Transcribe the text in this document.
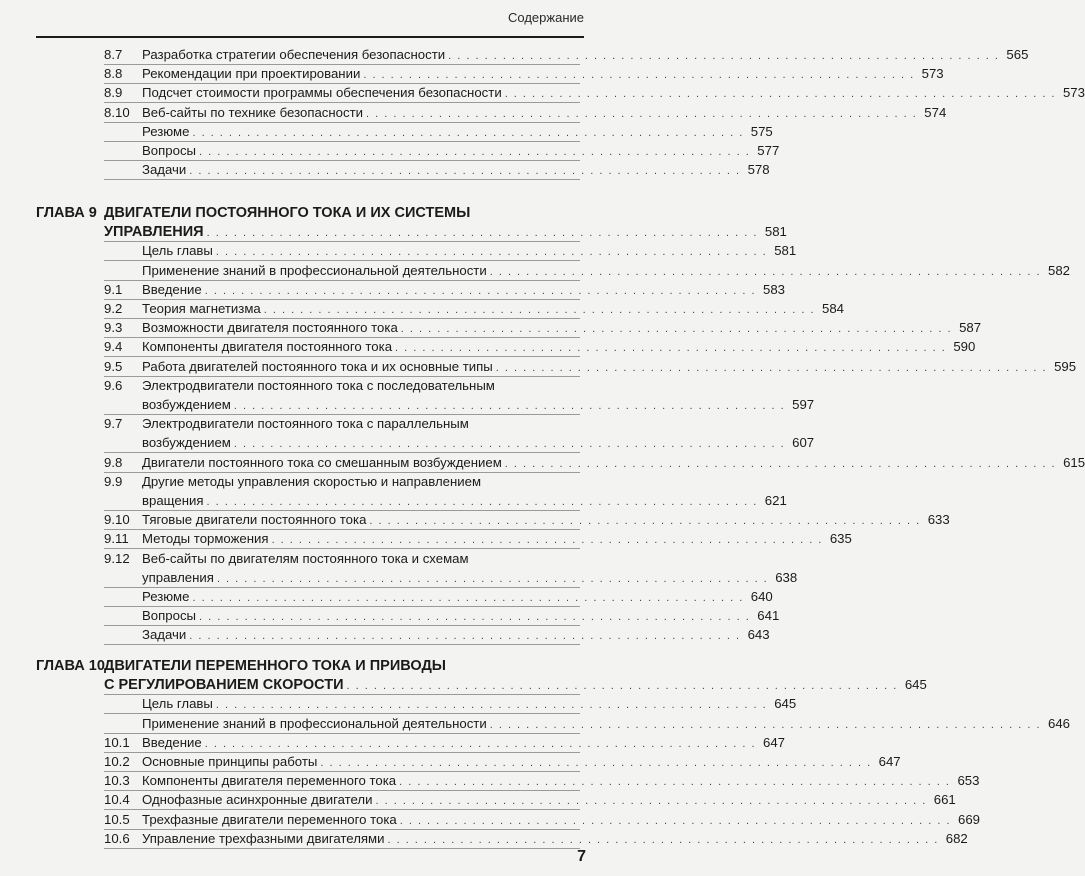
Содержание
8.7	Разработка стратегии обеспечения безопасности . . . . . . . . . . . . . . . . . . . . . . . . . . . . . . . . . . . . . . . . . . . . . . . . . . . . . . . . . . . . . 565
8.8	Рекомендации при проектировании . . . . . . . . . . . . . . . . . . . . . . . . . . . . . . . . . . . . . . . . . . . . . . . . . . . . . . . . . . . . . 573
8.9	Подсчет стоимости программы обеспечения безопасности . . . . . . . . . . . . . . . . . . . . . . . . . . . . . . . . . . . . . . . . . . . . . . . . . . . . . . . . . . . . . 573
8.10 Веб-сайты по технике безопасности . . . . . . . . . . . . . . . . . . . . . . . . . . . . . . . . . . . . . . . . . . . . . . . . . . . . . . . . . . . . . 574
Резюме . . . . . . . . . . . . . . . . . . . . . . . . . . . . . . . . . . . . . . . . . . . . . . . . . . . . . . . . . . . . . 575
Вопросы . . . . . . . . . . . . . . . . . . . . . . . . . . . . . . . . . . . . . . . . . . . . . . . . . . . . . . . . . . . . . 577
Задачи . . . . . . . . . . . . . . . . . . . . . . . . . . . . . . . . . . . . . . . . . . . . . . . . . . . . . . . . . . . . . 578
ГЛАВА 9 ДВИГАТЕЛИ ПОСТОЯННОГО ТОКА И ИХ СИСТЕМЫ
УПРАВЛЕНИЯ . . . . . . . . . . . . . . . . . . . . . . . . . . . . . . . . . . . . . . . . . . . . . . . . . . . . . . . . . . . . . 581
Цель главы . . . . . . . . . . . . . . . . . . . . . . . . . . . . . . . . . . . . . . . . . . . . . . . . . . . . . . . . . . . . . 581
Применение знаний в профессиональной деятельности . . . . . . . . . . . . . . . . . . . . . . . . . . . . . . . . . . . . . . . . . . . . . . . . . . . . . . . . . . . . . 582
9.1	Введение . . . . . . . . . . . . . . . . . . . . . . . . . . . . . . . . . . . . . . . . . . . . . . . . . . . . . . . . . . . . . 583
9.2	Теория магнетизма . . . . . . . . . . . . . . . . . . . . . . . . . . . . . . . . . . . . . . . . . . . . . . . . . . . . . . . . . . . . . 584
9.3	Возможности двигателя постоянного тока . . . . . . . . . . . . . . . . . . . . . . . . . . . . . . . . . . . . . . . . . . . . . . . . . . . . . . . . . . . . . 587
9.4	Компоненты двигателя постоянного тока . . . . . . . . . . . . . . . . . . . . . . . . . . . . . . . . . . . . . . . . . . . . . . . . . . . . . . . . . . . . . 590
9.5	Работа двигателей постоянного тока и их основные типы . . . . . . . . . . . . . . . . . . . . . . . . . . . . . . . . . . . . . . . . . . . . . . . . . . . . . . . . . . . . . 595
9.6	Электродвигатели постоянного тока с последовательным
возбуждением . . . . . . . . . . . . . . . . . . . . . . . . . . . . . . . . . . . . . . . . . . . . . . . . . . . . . . . . . . . . . 597
9.7	Электродвигатели постоянного тока с параллельным
возбуждением . . . . . . . . . . . . . . . . . . . . . . . . . . . . . . . . . . . . . . . . . . . . . . . . . . . . . . . . . . . . . 607
9.8	Двигатели постоянного тока со смешанным возбуждением . . . . . . . . . . . . . . . . . . . . . . . . . . . . . . . . . . . . . . . . . . . . . . . . . . . . . . . . . . . . . 615
9.9	Другие методы управления скоростью и направлением
вращения . . . . . . . . . . . . . . . . . . . . . . . . . . . . . . . . . . . . . . . . . . . . . . . . . . . . . . . . . . . . . 621
9.10 Тяговые двигатели постоянного тока . . . . . . . . . . . . . . . . . . . . . . . . . . . . . . . . . . . . . . . . . . . . . . . . . . . . . . . . . . . . . 633
9.11	Методы торможения . . . . . . . . . . . . . . . . . . . . . . . . . . . . . . . . . . . . . . . . . . . . . . . . . . . . . . . . . . . . . 635
9.12 Веб-сайты по двигателям постоянного тока и схемам
управления . . . . . . . . . . . . . . . . . . . . . . . . . . . . . . . . . . . . . . . . . . . . . . . . . . . . . . . . . . . . . 638
Резюме . . . . . . . . . . . . . . . . . . . . . . . . . . . . . . . . . . . . . . . . . . . . . . . . . . . . . . . . . . . . . 640
Вопросы . . . . . . . . . . . . . . . . . . . . . . . . . . . . . . . . . . . . . . . . . . . . . . . . . . . . . . . . . . . . . 641
Задачи . . . . . . . . . . . . . . . . . . . . . . . . . . . . . . . . . . . . . . . . . . . . . . . . . . . . . . . . . . . . . 643
ГЛАВА 10 ДВИГАТЕЛИ ПЕРЕМЕННОГО ТОКА И ПРИВОДЫ
С РЕГУЛИРОВАНИЕМ СКОРОСТИ . . . . . . . . . . . . . . . . . . . . . . . . . . . . . . . . . . . . . . . . . . . . . . . . . . . . . . . . . . . . . 645
Цель главы . . . . . . . . . . . . . . . . . . . . . . . . . . . . . . . . . . . . . . . . . . . . . . . . . . . . . . . . . . . . . 645
Применение знаний в профессиональной деятельности . . . . . . . . . . . . . . . . . . . . . . . . . . . . . . . . . . . . . . . . . . . . . . . . . . . . . . . . . . . . . 646
10.1 Введение . . . . . . . . . . . . . . . . . . . . . . . . . . . . . . . . . . . . . . . . . . . . . . . . . . . . . . . . . . . . . 647
10.2 Основные принципы работы . . . . . . . . . . . . . . . . . . . . . . . . . . . . . . . . . . . . . . . . . . . . . . . . . . . . . . . . . . . . . 647
10.3 Компоненты двигателя переменного тока . . . . . . . . . . . . . . . . . . . . . . . . . . . . . . . . . . . . . . . . . . . . . . . . . . . . . . . . . . . . . 653
10.4 Однофазные асинхронные двигатели . . . . . . . . . . . . . . . . . . . . . . . . . . . . . . . . . . . . . . . . . . . . . . . . . . . . . . . . . . . . . 661
10.5 Трехфазные двигатели переменного тока . . . . . . . . . . . . . . . . . . . . . . . . . . . . . . . . . . . . . . . . . . . . . . . . . . . . . . . . . . . . . 669
10.6 Управление трехфазными двигателями . . . . . . . . . . . . . . . . . . . . . . . . . . . . . . . . . . . . . . . . . . . . . . . . . . . . . . . . . . . . . 682
7
